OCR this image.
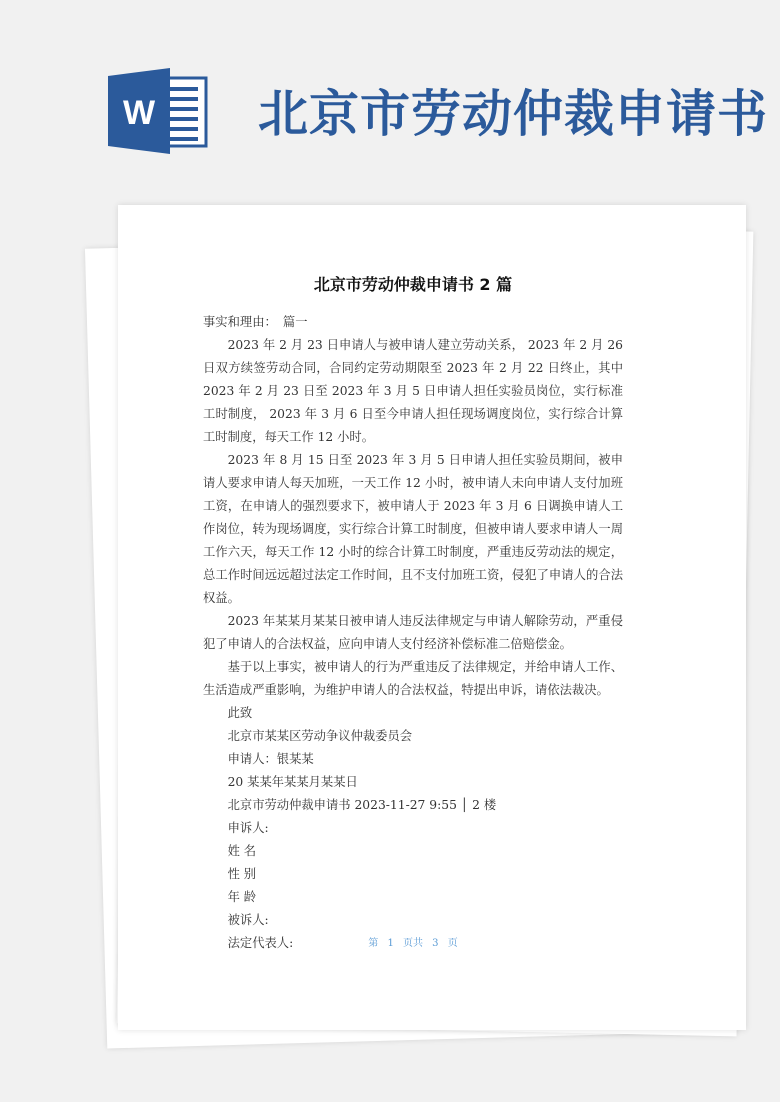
W 北京市劳动仲裁申请书
北京市劳动仲裁申请书 2 篇

事实和理由：　篇一

2023 年 2 月 23 日申请人与被申请人建立劳动关系， 2023 年 2 月 26 日双方续签劳动合同，合同约定劳动期限至 2023 年 2 月 22 日终止，其中 2023 年 2 月 23 日至 2023 年 3 月 5 日申请人担任实验员岗位，实行标准工时制度， 2023 年 3 月 6 日至今申请人担任现场调度岗位，实行综合计算工时制度，每天工作 12 小时。

2023 年 8 月 15 日至 2023 年 3 月 5 日申请人担任实验员期间，被申请人要求申请人每天加班，一天工作 12 小时，被申请人未向申请人支付加班工资，在申请人的强烈要求下，被申请人于 2023 年 3 月 6 日调换申请人工作岗位，转为现场调度，实行综合计算工时制度，但被申请人要求申请人一周工作六天，每天工作 12 小时的综合计算工时制度，严重违反劳动法的规定，总工作时间远远超过法定工作时间，且不支付加班工资，侵犯了申请人的合法权益。

2023 年某某月某某日被申请人违反法律规定与申请人解除劳动，严重侵犯了申请人的合法权益，应向申请人支付经济补偿标准二倍赔偿金。

基于以上事实，被申请人的行为严重违反了法律规定，并给申请人工作、生活造成严重影响，为维护申请人的合法权益，特提出申诉，请依法裁决。

此致

北京市某某区劳动争议仲裁委员会

申请人：银某某

20 某某年某某月某某日

北京市劳动仲裁申请书 2023-11-27 9:55 │ 2 楼

申诉人:

姓 名

性 别

年 龄

被诉人:

法定代表人:	第 1 页共 3 页
